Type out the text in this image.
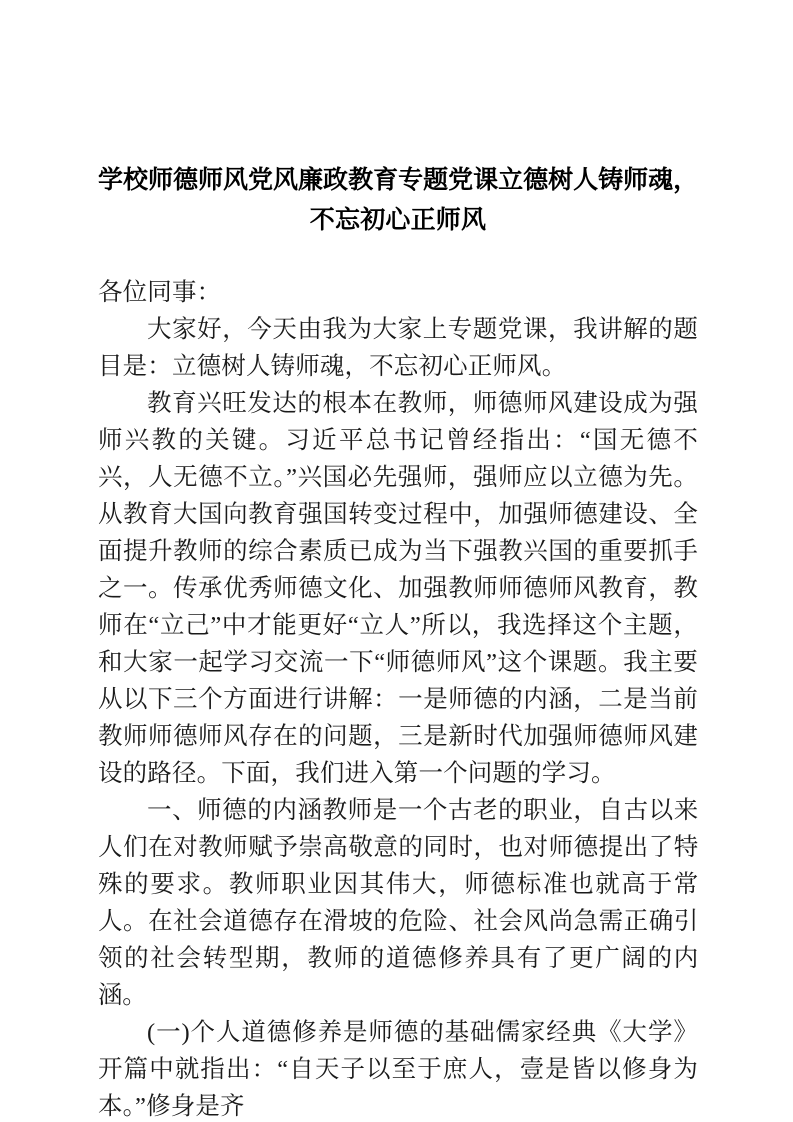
学校师德师风党风廉政教育专题党课立德树人铸师魂，
不忘初心正师风

各位同事：

大家好，今天由我为大家上专题党课，我讲解的题目是：立德树人铸师魂，不忘初心正师风。

教育兴旺发达的根本在教师，师德师风建设成为强师兴教的关键。习近平总书记曾经指出：“国无德不兴，人无德不立。”兴国必先强师，强师应以立德为先。从教育大国向教育强国转变过程中，加强师德建设、全面提升教师的综合素质已成为当下强教兴国的重要抓手之一。传承优秀师德文化、加强教师师德师风教育，教师在“立己”中才能更好“立人”所以，我选择这个主题，和大家一起学习交流一下“师德师风”这个课题。我主要从以下三个方面进行讲解：一是师德的内涵，二是当前教师师德师风存在的问题，三是新时代加强师德师风建设的路径。下面，我们进入第一个问题的学习。

一、师德的内涵教师是一个古老的职业，自古以来人们在对教师赋予崇高敬意的同时，也对师德提出了特殊的要求。教师职业因其伟大，师德标准也就高于常人。在社会道德存在滑坡的危险、社会风尚急需正确引领的社会转型期，教师的道德修养具有了更广阔的内涵。

(一)个人道德修养是师德的基础儒家经典《大学》开篇中就指出：“自天子以至于庶人，壹是皆以修身为本。”修身是齐
